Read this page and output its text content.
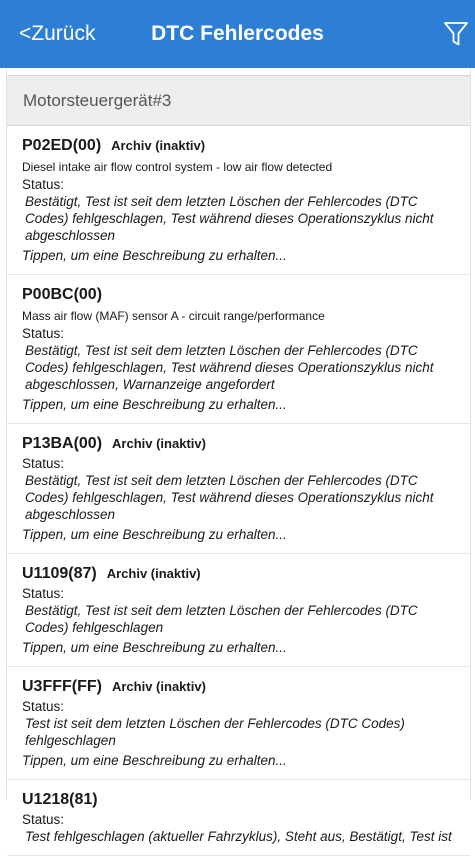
<Zurück	DTC Fehlercodes
Motorsteuergerät#3
P02ED(00) Archiv (inaktiv)
Diesel intake air flow control system - low air flow detected
Status:
Bestätigt, Test ist seit dem letzten Löschen der Fehlercodes (DTC Codes) fehlgeschlagen, Test während dieses Operationszyklus nicht abgeschlossen
Tippen, um eine Beschreibung zu erhalten...
P00BC(00)
Mass air flow (MAF) sensor A - circuit range/performance
Status:
Bestätigt, Test ist seit dem letzten Löschen der Fehlercodes (DTC Codes) fehlgeschlagen, Test während dieses Operationszyklus nicht abgeschlossen, Warnanzeige angefordert
Tippen, um eine Beschreibung zu erhalten...
P13BA(00) Archiv (inaktiv)
Status:
Bestätigt, Test ist seit dem letzten Löschen der Fehlercodes (DTC Codes) fehlgeschlagen, Test während dieses Operationszyklus nicht abgeschlossen
Tippen, um eine Beschreibung zu erhalten...
U1109(87) Archiv (inaktiv)
Status:
Bestätigt, Test ist seit dem letzten Löschen der Fehlercodes (DTC Codes) fehlgeschlagen
Tippen, um eine Beschreibung zu erhalten...
U3FFF(FF) Archiv (inaktiv)
Status:
Test ist seit dem letzten Löschen der Fehlercodes (DTC Codes) fehlgeschlagen
Tippen, um eine Beschreibung zu erhalten...
U1218(81)
Status:
Test fehlgeschlagen (aktueller Fahrzyklus), Steht aus, Bestätigt, Test ist
